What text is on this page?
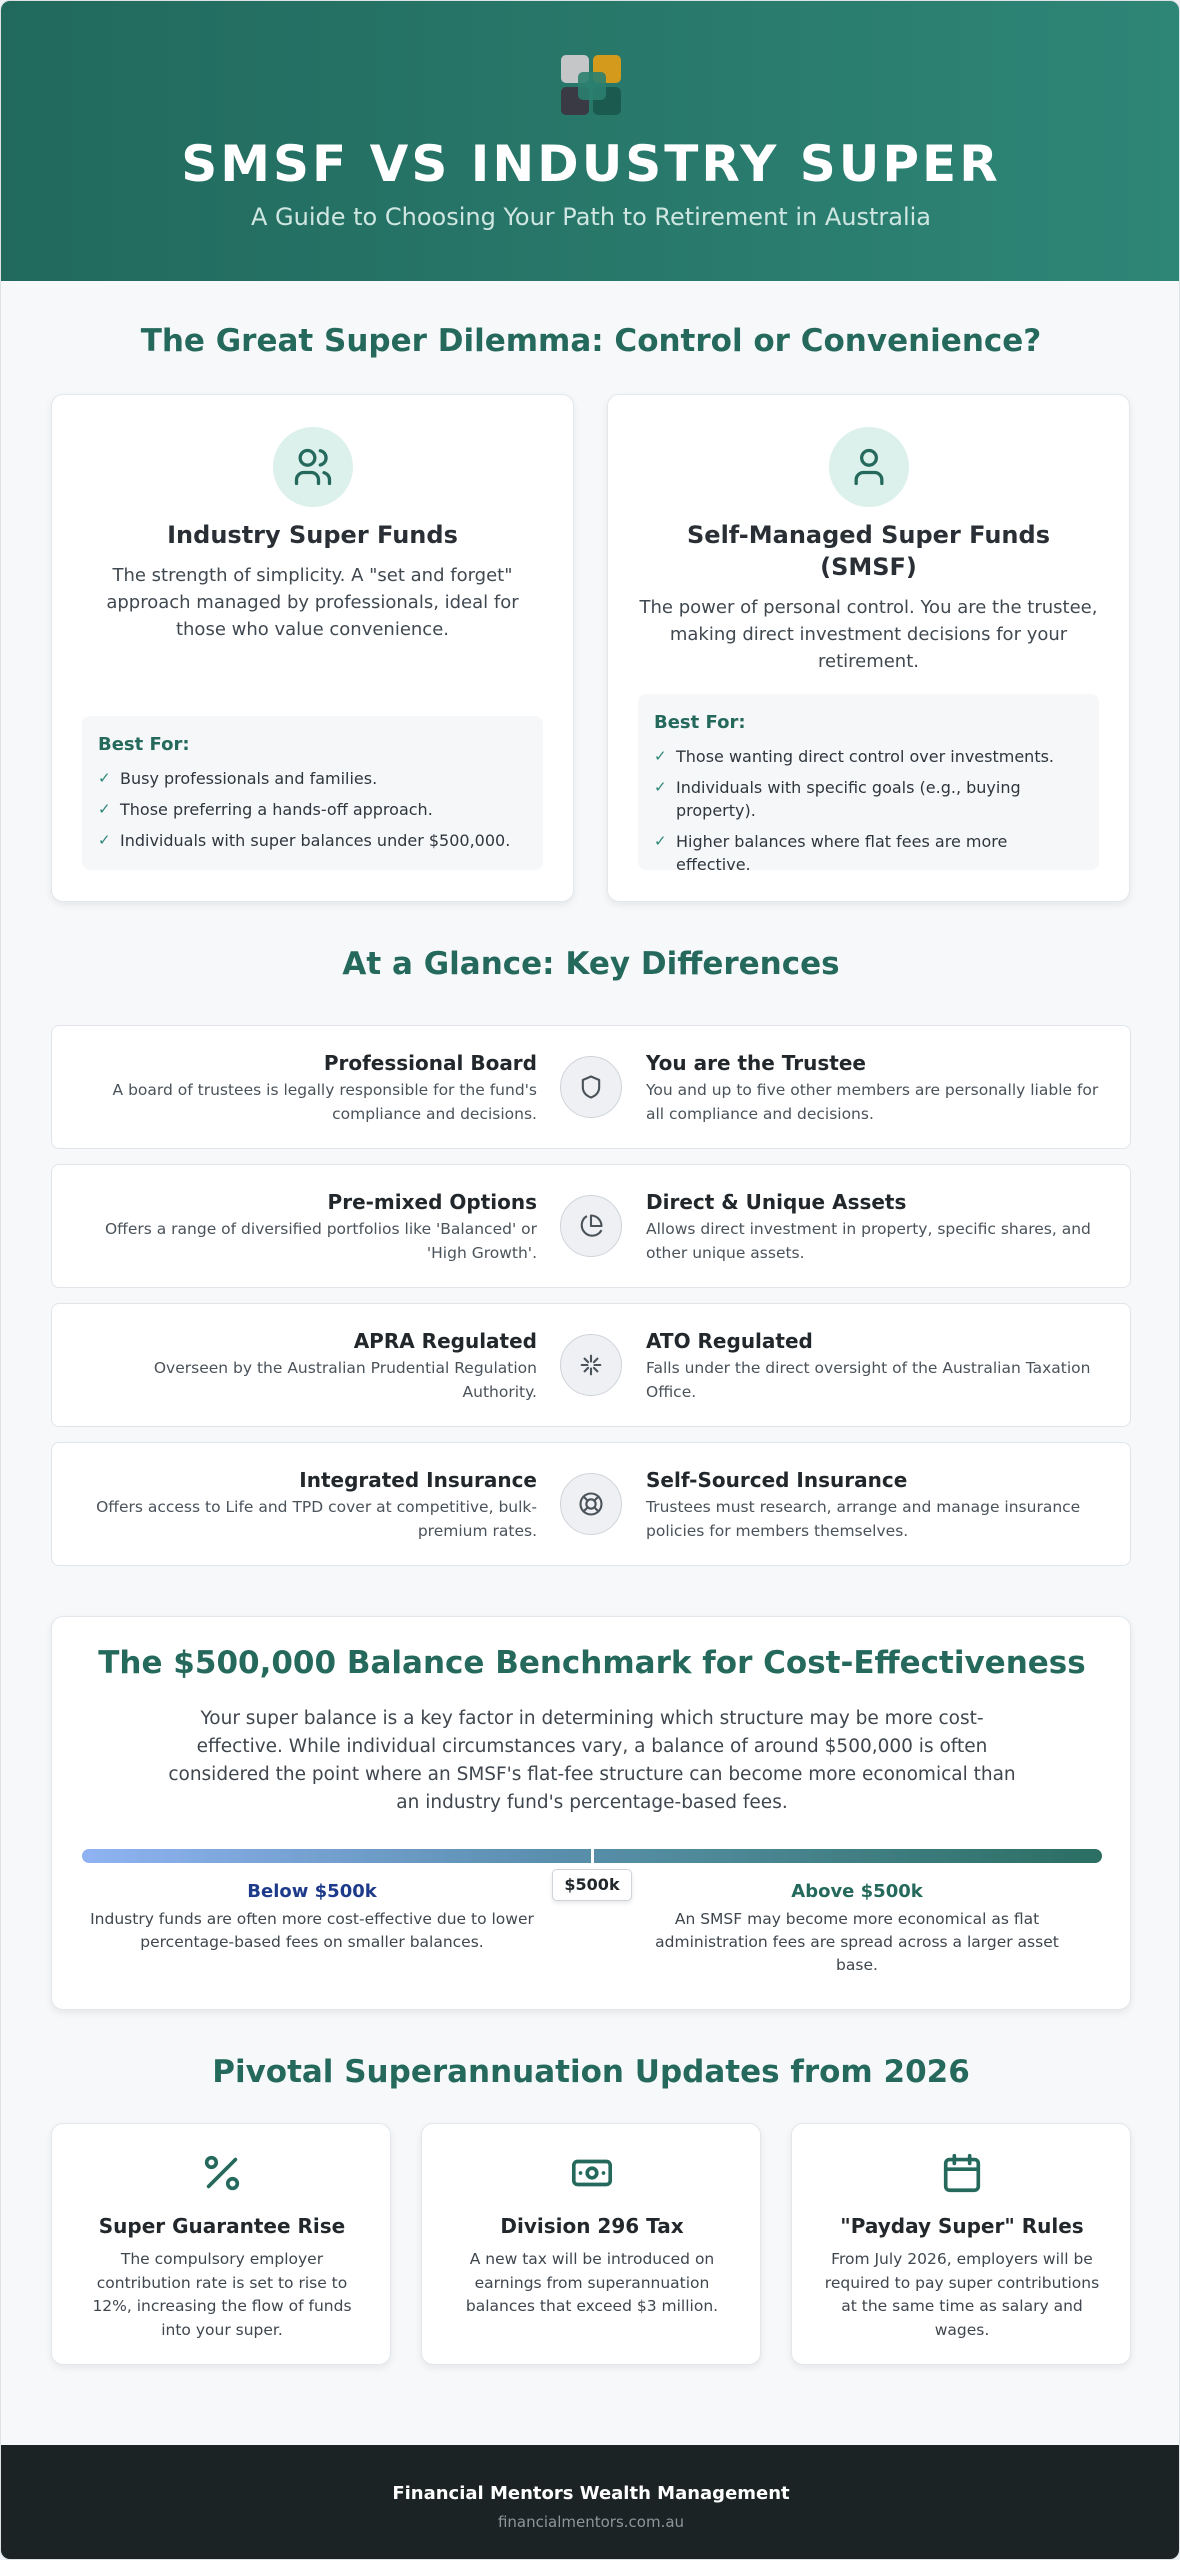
SMSF VS INDUSTRY SUPER
A Guide to Choosing Your Path to Retirement in Australia
The Great Super Dilemma: Control or Convenience?
Industry Super Funds
The strength of simplicity. A "set and forget" approach managed by professionals, ideal for those who value convenience.
Best For:
✓ Busy professionals and families.
✓ Those preferring a hands-off approach.
✓ Individuals with super balances under $500,000.
Self-Managed Super Funds (SMSF)
The power of personal control. You are the trustee, making direct investment decisions for your retirement.
Best For:
✓ Those wanting direct control over investments.
✓ Individuals with specific goals (e.g., buying property).
✓ Higher balances where flat fees are more effective.
At a Glance: Key Differences
Professional Board
A board of trustees is legally responsible for the fund's compliance and decisions.
You are the Trustee
You and up to five other members are personally liable for all compliance and decisions.
Pre-mixed Options
Offers a range of diversified portfolios like 'Balanced' or 'High Growth'.
Direct & Unique Assets
Allows direct investment in property, specific shares, and other unique assets.
APRA Regulated
Overseen by the Australian Prudential Regulation Authority.
ATO Regulated
Falls under the direct oversight of the Australian Taxation Office.
Integrated Insurance
Offers access to Life and TPD cover at competitive, bulk-premium rates.
Self-Sourced Insurance
Trustees must research, arrange and manage insurance policies for members themselves.
The $500,000 Balance Benchmark for Cost-Effectiveness
Your super balance is a key factor in determining which structure may be more cost-effective. While individual circumstances vary, a balance of around $500,000 is often considered the point where an SMSF's flat-fee structure can become more economical than an industry fund's percentage-based fees.
$500k
Below $500k
Industry funds are often more cost-effective due to lower percentage-based fees on smaller balances.
Above $500k
An SMSF may become more economical as flat administration fees are spread across a larger asset base.
Pivotal Superannuation Updates from 2026
Super Guarantee Rise
The compulsory employer contribution rate is set to rise to 12%, increasing the flow of funds into your super.
Division 296 Tax
A new tax will be introduced on earnings from superannuation balances that exceed $3 million.
"Payday Super" Rules
From July 2026, employers will be required to pay super contributions at the same time as salary and wages.
Financial Mentors Wealth Management
financialmentors.com.au
